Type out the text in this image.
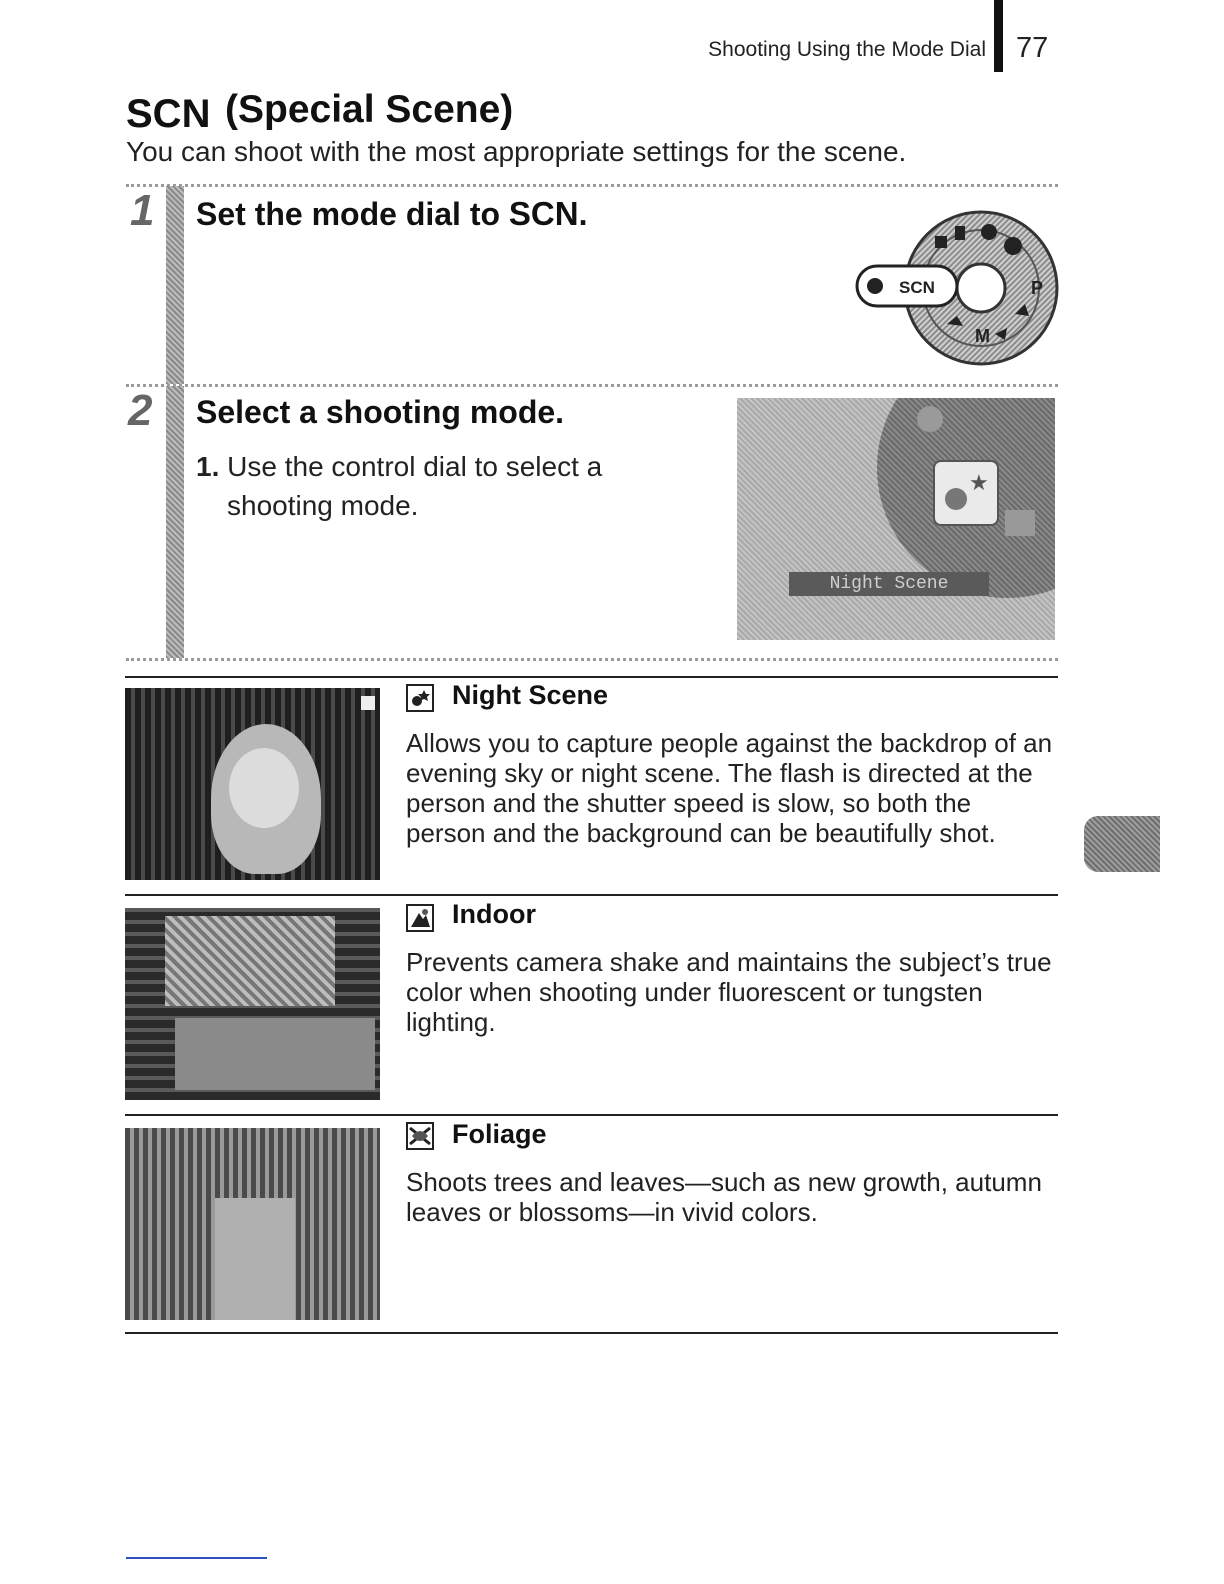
Shooting Using the Mode Dial 77
SCN (Special Scene)
You can shoot with the most appropriate settings for the scene.
1 Set the mode dial to SCN.
P
M
SCN
2 Select a shooting mode.
1. Use the control dial to select a
shooting mode.
★
Night Scene
Night Scene
Allows you to capture people against the backdrop of an evening sky or night scene. The flash is directed at the person and the shutter speed is slow, so both the person and the background can be beautifully shot.
Indoor
Prevents camera shake and maintains the subject’s true color when shooting under fluorescent or tungsten lighting.
Foliage
Shoots trees and leaves—such as new growth, autumn leaves or blossoms—in vivid colors.
